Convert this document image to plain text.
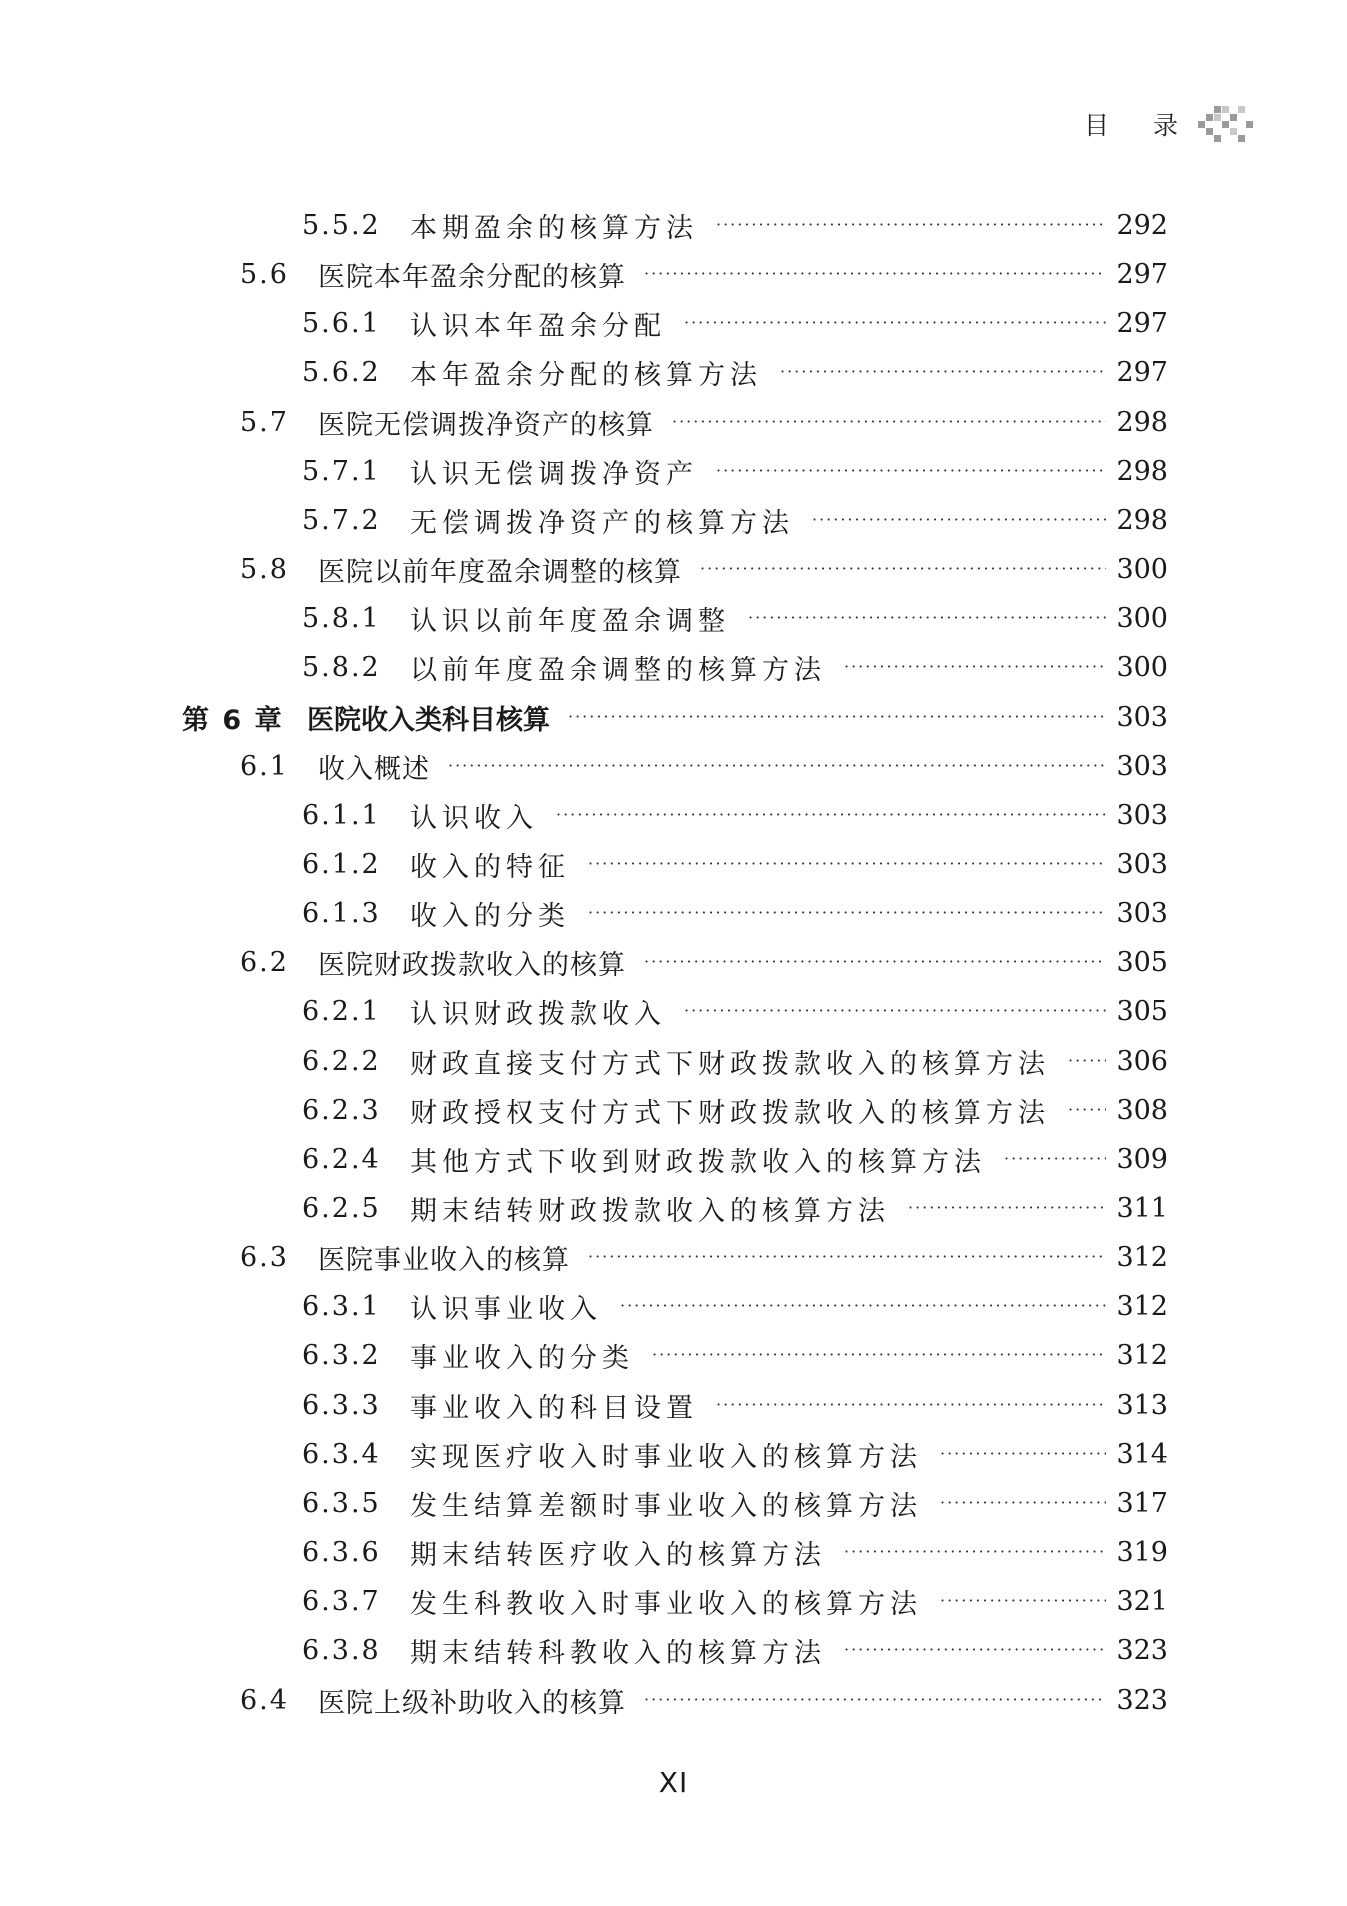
目 录
5.5.2	本期盈余的核算方法 ·····	292
5.6	医院本年盈余分配的核算 ·····	297
5.6.1	认识本年盈余分配 ·····	297
5.6.2	本年盈余分配的核算方法 ·····	297
5.7	医院无偿调拨净资产的核算 ·····	298
5.7.1	认识无偿调拨净资产 ·····	298
5.7.2	无偿调拨净资产的核算方法 ·····	298
5.8	医院以前年度盈余调整的核算 ·····	300
5.8.1	认识以前年度盈余调整 ·····	300
5.8.2	以前年度盈余调整的核算方法 ·····	300
第 6 章 医院收入类科目核算 ·····	303
6.1	收入概述 ·····	303
6.1.1	认识收入 ·····	303
6.1.2	收入的特征 ·····	303
6.1.3	收入的分类 ·····	303
6.2	医院财政拨款收入的核算 ·····	305
6.2.1	认识财政拨款收入 ·····	305
6.2.2	财政直接支付方式下财政拨款收入的核算方法 ····· 306
6.2.3	财政授权支付方式下财政拨款收入的核算方法 ····· 308
6.2.4	其他方式下收到财政拨款收入的核算方法 ·····	309
6.2.5	期末结转财政拨款收入的核算方法 ·····	311
6.3	医院事业收入的核算 ·····	312
6.3.1	认识事业收入 ·····	312
6.3.2	事业收入的分类 ·····	312
6.3.3	事业收入的科目设置 ·····	313
6.3.4	实现医疗收入时事业收入的核算方法 ·····	314
6.3.5	发生结算差额时事业收入的核算方法 ·····	317
6.3.6	期末结转医疗收入的核算方法 ·····	319
6.3.7	发生科教收入时事业收入的核算方法 ·····	321
6.3.8	期末结转科教收入的核算方法 ·····	323
6.4	医院上级补助收入的核算 ·····	323
XI
